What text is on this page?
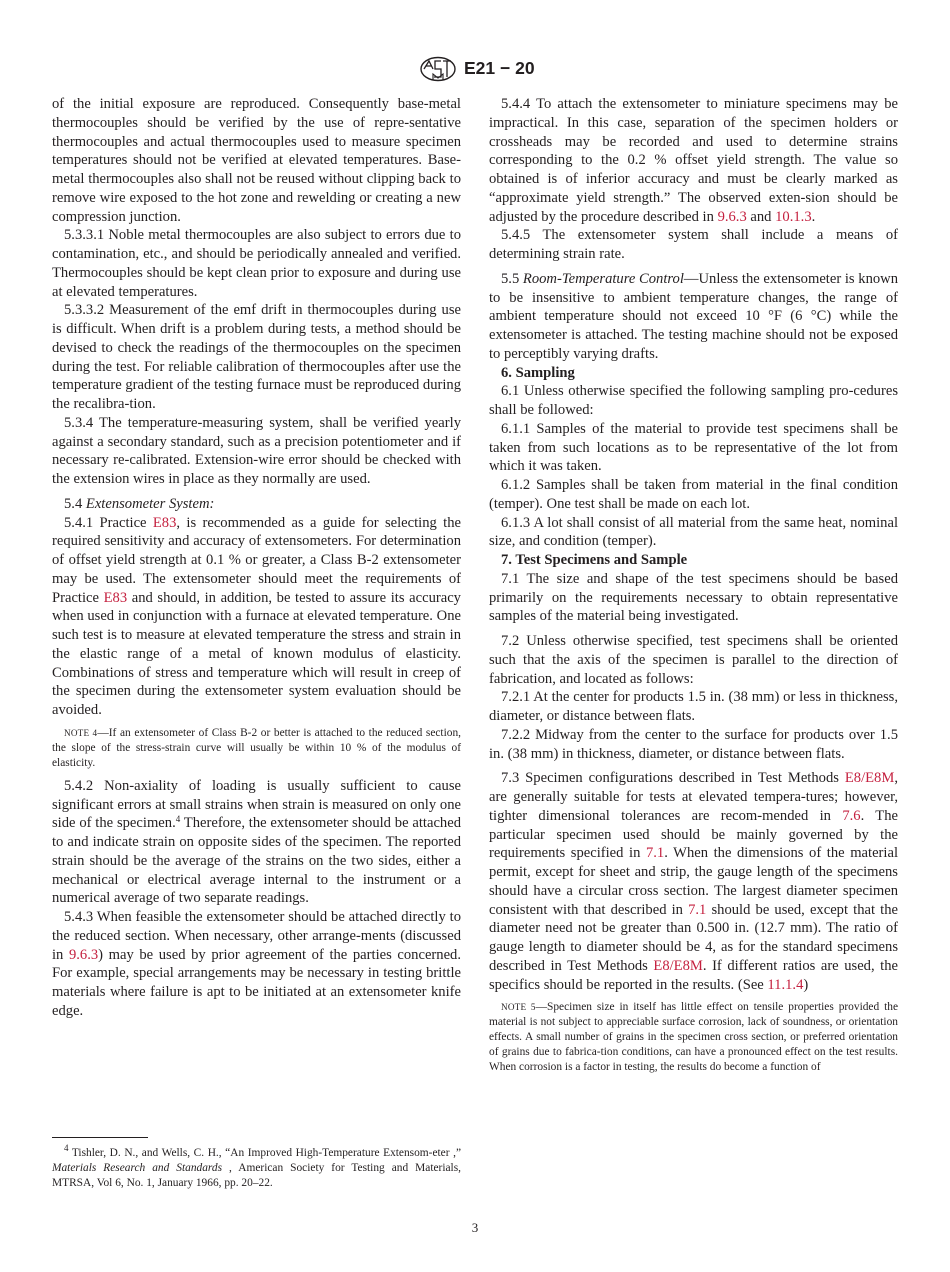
E21 − 20

of the initial exposure are reproduced. Consequently base-metal thermocouples should be verified by the use of repre-sentative thermocouples and actual thermocouples used to measure specimen temperatures should not be verified at elevated temperatures. Base-metal thermocouples also shall not be reused without clipping back to remove wire exposed to the hot zone and rewelding or creating a new compression junction.

5.3.3.1 Noble metal thermocouples are also subject to errors due to contamination, etc., and should be periodically annealed and verified. Thermocouples should be kept clean prior to exposure and during use at elevated temperatures.

5.3.3.2 Measurement of the emf drift in thermocouples during use is difficult. When drift is a problem during tests, a method should be devised to check the readings of the thermocouples on the specimen during the test. For reliable calibration of thermocouples after use the temperature gradient of the testing furnace must be reproduced during the recalibra-tion.

5.3.4 The temperature-measuring system, shall be verified yearly against a secondary standard, such as a precision potentiometer and if necessary re-calibrated. Extension-wire error should be checked with the extension wires in place as they normally are used.

5.4 Extensometer System:

5.4.1 Practice E83, is recommended as a guide for selecting the required sensitivity and accuracy of extensometers. For determination of offset yield strength at 0.1 % or greater, a Class B-2 extensometer may be used. The extensometer should meet the requirements of Practice E83 and should, in addition, be tested to assure its accuracy when used in conjunction with a furnace at elevated temperature. One such test is to measure at elevated temperature the stress and strain in the elastic range of a metal of known modulus of elasticity. Combinations of stress and temperature which will result in creep of the specimen during the extensometer system evaluation should be avoided.

NOTE 4—If an extensometer of Class B-2 or better is attached to the reduced section, the slope of the stress-strain curve will usually be within 10 % of the modulus of elasticity.

5.4.2 Non-axiality of loading is usually sufficient to cause significant errors at small strains when strain is measured on only one side of the specimen.$^4$ Therefore, the extensometer should be attached to and indicate strain on opposite sides of the specimen. The reported strain should be the average of the strains on the two sides, either a mechanical or electrical average internal to the instrument or a numerical average of two separate readings.

5.4.3 When feasible the extensometer should be attached directly to the reduced section. When necessary, other arrange-ments (discussed in 9.6.3) may be used by prior agreement of the parties concerned. For example, special arrangements may be necessary in testing brittle materials where failure is apt to be initiated at an extensometer knife edge.

$^4$ Tishler, D. N., and Wells, C. H., “An Improved High-Temperature Extensom-eter ,” Materials Research and Standards , American Society for Testing and Materials, MTRSA, Vol 6, No. 1, January 1966, pp. 20–22.

5.4.4 To attach the extensometer to miniature specimens may be impractical. In this case, separation of the specimen holders or crossheads may be recorded and used to determine strains corresponding to the 0.2 % offset yield strength. The value so obtained is of inferior accuracy and must be clearly marked as “approximate yield strength.” The observed exten-sion should be adjusted by the procedure described in 9.6.3 and 10.1.3.

5.4.5 The extensometer system shall include a means of determining strain rate.

5.5 Room-Temperature Control—Unless the extensometer is known to be insensitive to ambient temperature changes, the range of ambient temperature should not exceed 10 °F (6 °C) while the extensometer is attached. The testing machine should not be exposed to perceptibly varying drafts.

6. Sampling

6.1 Unless otherwise specified the following sampling pro-cedures shall be followed:

6.1.1 Samples of the material to provide test specimens shall be taken from such locations as to be representative of the lot from which it was taken.

6.1.2 Samples shall be taken from material in the final condition (temper). One test shall be made on each lot.

6.1.3 A lot shall consist of all material from the same heat, nominal size, and condition (temper).

7. Test Specimens and Sample

7.1 The size and shape of the test specimens should be based primarily on the requirements necessary to obtain representative samples of the material being investigated.

7.2 Unless otherwise specified, test specimens shall be oriented such that the axis of the specimen is parallel to the direction of fabrication, and located as follows:

7.2.1 At the center for products 1.5 in. (38 mm) or less in thickness, diameter, or distance between flats.

7.2.2 Midway from the center to the surface for products over 1.5 in. (38 mm) in thickness, diameter, or distance between flats.

7.3 Specimen configurations described in Test Methods E8/E8M, are generally suitable for tests at elevated tempera-tures; however, tighter dimensional tolerances are recom-mended in 7.6. The particular specimen used should be mainly governed by the requirements specified in 7.1. When the dimensions of the material permit, except for sheet and strip, the gauge length of the specimens should have a circular cross section. The largest diameter specimen consistent with that described in 7.1 should be used, except that the diameter need not be greater than 0.500 in. (12.7 mm). The ratio of gauge length to diameter should be 4, as for the standard specimens described in Test Methods E8/E8M. If different ratios are used, the specifics should be reported in the results. (See 11.1.4)

NOTE 5—Specimen size in itself has little effect on tensile properties provided the material is not subject to appreciable surface corrosion, lack of soundness, or orientation effects. A small number of grains in the specimen cross section, or preferred orientation of grains due to fabrica-tion conditions, can have a pronounced effect on the test results. When corrosion is a factor in testing, the results do become a function of
3
